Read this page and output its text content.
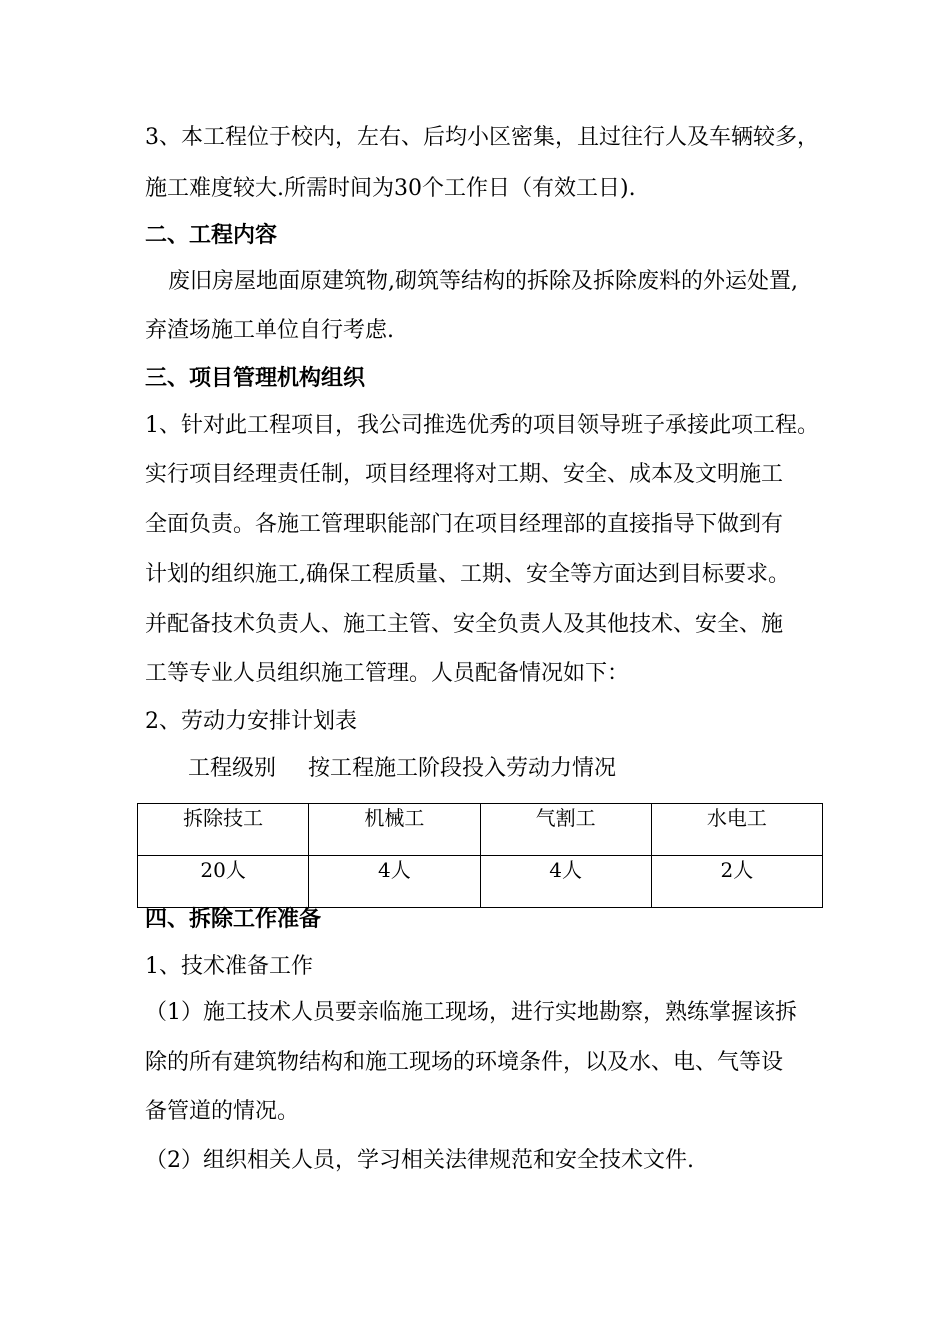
3、本工程位于校内，左右、后均小区密集，且过往行人及车辆较多，
施工难度较大.所需时间为30个工作日（有效工日).
二、工程内容
废旧房屋地面原建筑物,砌筑等结构的拆除及拆除废料的外运处置,
弃渣场施工单位自行考虑.
三、项目管理机构组织
1、针对此工程项目，我公司推选优秀的项目领导班子承接此项工程。
实行项目经理责任制，项目经理将对工期、安全、成本及文明施工
全面负责。各施工管理职能部门在项目经理部的直接指导下做到有
计划的组织施工,确保工程质量、工期、安全等方面达到目标要求。
并配备技术负责人、施工主管、安全负责人及其他技术、安全、施
工等专业人员组织施工管理。人员配备情况如下：
2、劳动力安排计划表
工程级别 按工程施工阶段投入劳动力情况
拆除技工	机械工	气割工	水电工
20人	4人	4人	2人
四、拆除工作准备
1、技术准备工作
（1）施工技术人员要亲临施工现场，进行实地勘察，熟练掌握该拆
除的所有建筑物结构和施工现场的环境条件，以及水、电、气等设
备管道的情况。
（2）组织相关人员，学习相关法律规范和安全技术文件.
